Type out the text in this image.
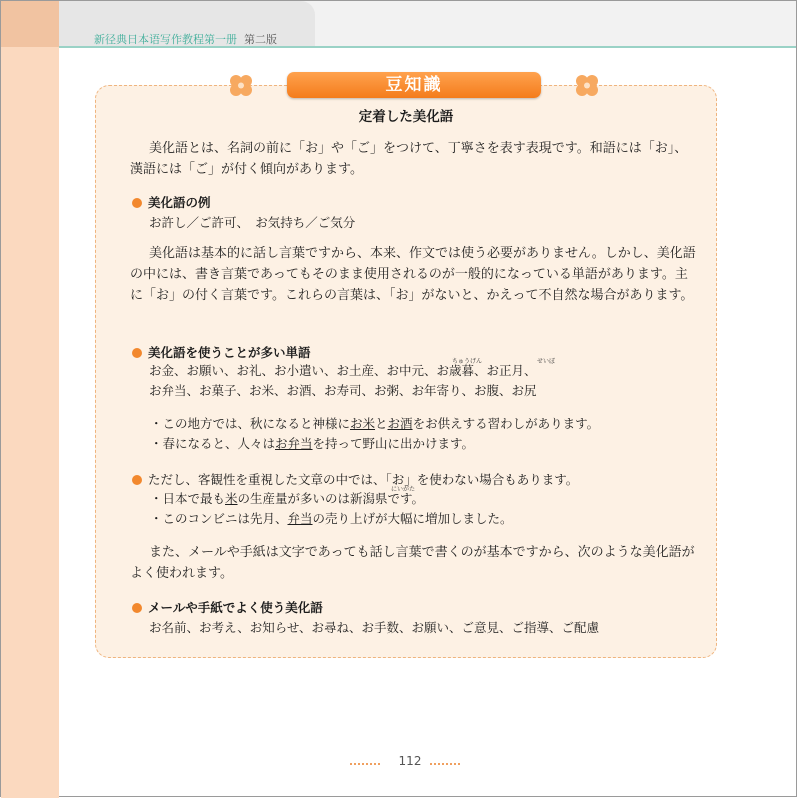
新径典日本语写作教程第一册 第二版
豆知識
定着した美化語
美化語とは、名詞の前に「お」や「ご」をつけて、丁寧さを表す表現です。和語には「お」、漢語には「ご」が付く傾向があります。
美化語の例
お許し／ご許可、　お気持ち／ご気分
美化語は基本的に話し言葉ですから、本来、作文では使う必要がありません。しかし、美化語の中には、書き言葉であってもそのまま使用されるのが一般的になっている単語があります。主に「お」の付く言葉です。これらの言葉は、「お」がないと、かえって不自然な場合があります。
美化語を使うことが多い単語
ちゅうげん	せいぼ
お金、お願い、お礼、お小遣い、お土産、お中元、お歳暮、お正月、
お弁当、お菓子、お米、お酒、お寿司、お粥、お年寄り、お腹、お尻
・この地方では、秋になると神様にお米とお酒をお供えする習わしがあります。
・春になると、人々はお弁当を持って野山に出かけます。
ただし、客観性を重視した文章の中では、「お」を使わない場合もあります。
にいがた
・日本で最も米の生産量が多いのは新潟県です。
・このコンビニは先月、弁当の売り上げが大幅に増加しました。
また、メールや手紙は文字であっても話し言葉で書くのが基本ですから、次のような美化語がよく使われます。
メールや手紙でよく使う美化語
お名前、お考え、お知らせ、お尋ね、お手数、お願い、ご意見、ご指導、ご配慮
112
